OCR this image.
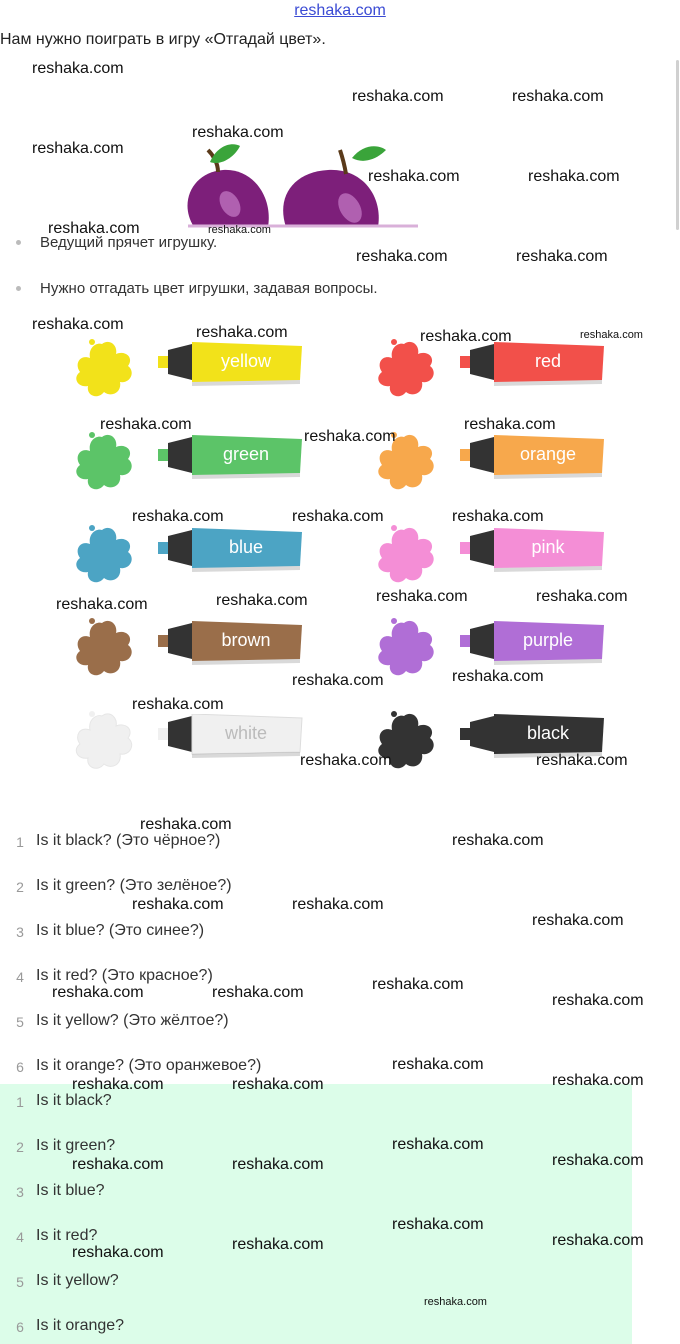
reshaka.com
Нам нужно поиграть в игру «Отгадай цвет».
Ведущий прячет игрушку.
Нужно отгадать цвет игрушки, задавая вопросы.
yellow	red
green	orange
blue	pink
brown	purple
white	black
1 Is it black? (Это чёрное?)
2 Is it green? (Это зелёное?)
3 Is it blue? (Это синее?)
4 Is it red? (Это красное?)
5 Is it yellow? (Это жёлтое?)
6 Is it orange? (Это оранжевое?)
1 Is it black?
2 Is it green?
3 Is it blue?
4 Is it red?
5 Is it yellow?
6 Is it orange?
reshaka.com
reshaka.com	reshaka.com
reshaka.com
reshaka.com
reshaka.com	reshaka.com
reshaka.com
reshaka.com	reshaka.com
reshaka.com	reshaka.com	reshaka.com
reshaka.com
reshaka.com
reshaka.com
reshaka.com	reshaka.com	reshaka.com
reshaka.com	reshaka.com	reshaka.com	reshaka.com
reshaka.com	reshaka.com
reshaka.com
reshaka.com	reshaka.com
reshaka.com
reshaka.com
reshaka.com	reshaka.com
reshaka.com
reshaka.com	reshaka.com	reshaka.com
reshaka.com
reshaka.com
reshaka.com	reshaka.com	reshaka.com
reshaka.com
reshaka.com	reshaka.com	reshaka.com
reshaka.com
reshaka.com	reshaka.com	reshaka.com
reshaka.com
reshaka.com
reshaka.com
